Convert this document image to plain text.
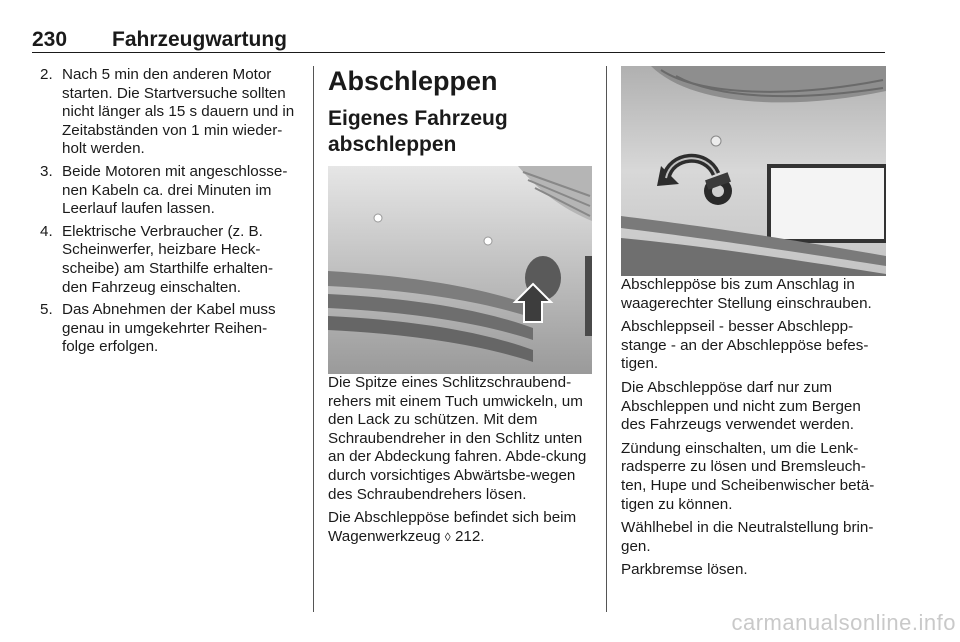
230 Fahrzeugwartung
2. Nach 5 min den anderen Motor starten. Die Startversuche sollten nicht länger als 15 s dauern und in Zeitabständen von 1 min wieder-holt werden.
3. Beide Motoren mit angeschlosse-nen Kabeln ca. drei Minuten im Leerlauf laufen lassen.
4. Elektrische Verbraucher (z. B. Scheinwerfer, heizbare Heck-scheibe) am Starthilfe erhalten-den Fahrzeug einschalten.
5. Das Abnehmen der Kabel muss genau in umgekehrter Reihen-folge erfolgen.
Abschleppen
Eigenes Fahrzeug
abschleppen

Die Spitze eines Schlitzschraubend-rehers mit einem Tuch umwickeln, um den Lack zu schützen. Mit dem Schraubendreher in den Schlitz unten an der Abdeckung fahren. Abde-ckung durch vorsichtiges Abwärtsbe-wegen des Schraubendrehers lösen.

Die Abschleppöse befindet sich beim Wagenwerkzeug ◊ 212.

Abschleppöse bis zum Anschlag in waagerechter Stellung einschrauben.

Abschleppseil - besser Abschlepp-stange - an der Abschleppöse befes-tigen.

Die Abschleppöse darf nur zum Abschleppen und nicht zum Bergen des Fahrzeugs verwendet werden.

Zündung einschalten, um die Lenk-radsperre zu lösen und Bremsleuch-ten, Hupe und Scheibenwischer betä-tigen zu können.

Wählhebel in die Neutralstellung brin-gen.

Parkbremse lösen.

carmanualsonline.info
